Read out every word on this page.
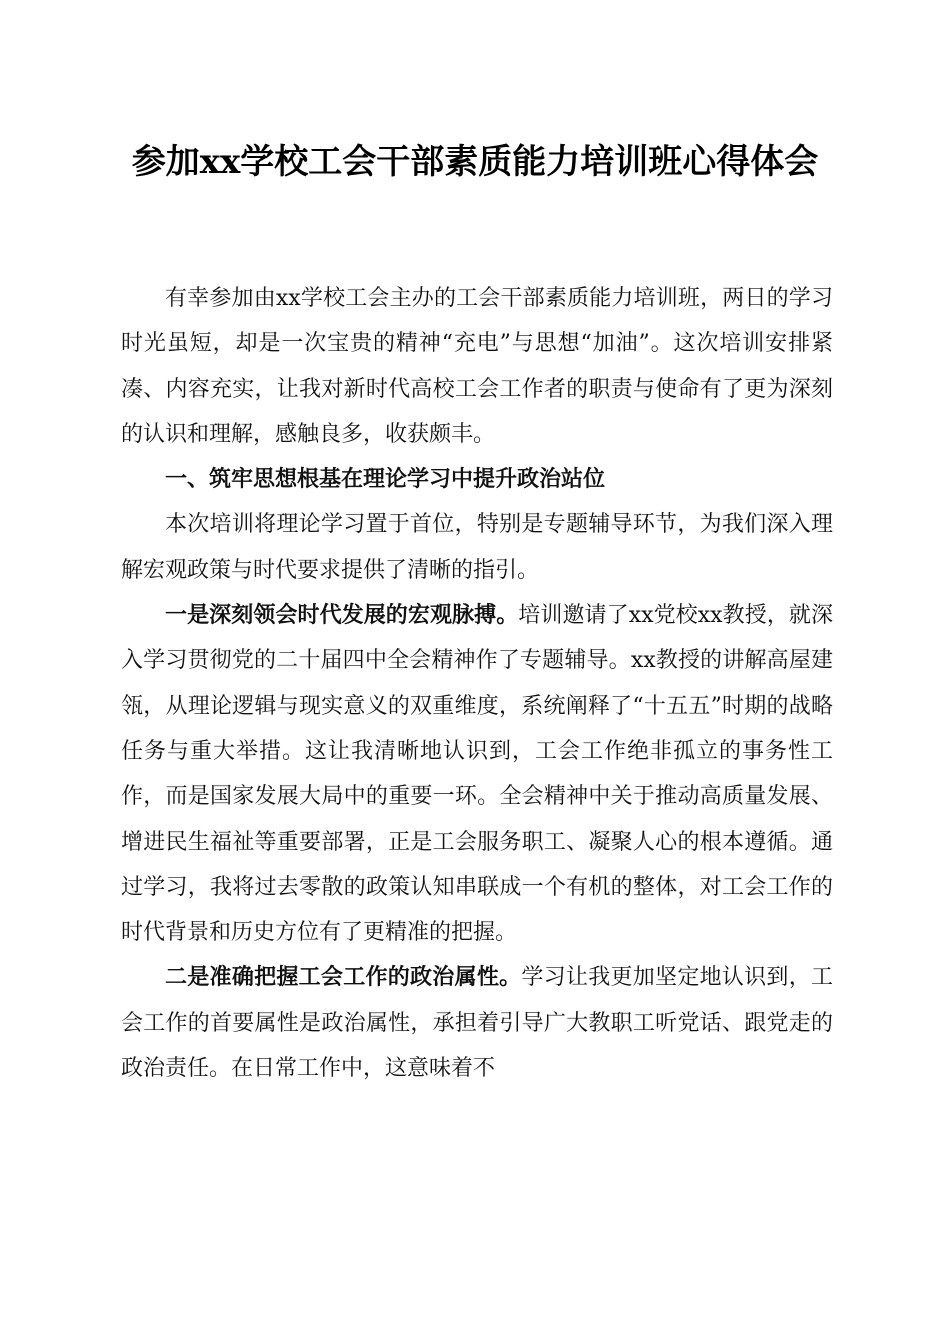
参加xx学校工会干部素质能力培训班心得体会

有幸参加由xx学校工会主办的工会干部素质能力培训班，两日的学习时光虽短，却是一次宝贵的精神“充电”与思想“加油”。这次培训安排紧凑、内容充实，让我对新时代高校工会工作者的职责与使命有了更为深刻的认识和理解，感触良多，收获颇丰。

一、筑牢思想根基在理论学习中提升政治站位

本次培训将理论学习置于首位，特别是专题辅导环节，为我们深入理解宏观政策与时代要求提供了清晰的指引。

一是深刻领会时代发展的宏观脉搏。培训邀请了xx党校xx教授，就深入学习贯彻党的二十届四中全会精神作了专题辅导。xx教授的讲解高屋建瓴，从理论逻辑与现实意义的双重维度，系统阐释了“十五五”时期的战略任务与重大举措。这让我清晰地认识到，工会工作绝非孤立的事务性工作，而是国家发展大局中的重要一环。全会精神中关于推动高质量发展、增进民生福祉等重要部署，正是工会服务职工、凝聚人心的根本遵循。通过学习，我将过去零散的政策认知串联成一个有机的整体，对工会工作的时代背景和历史方位有了更精准的把握。

二是准确把握工会工作的政治属性。学习让我更加坚定地认识到，工会工作的首要属性是政治属性，承担着引导广大教职工听党话、跟党走的政治责任。在日常工作中，这意味着不
